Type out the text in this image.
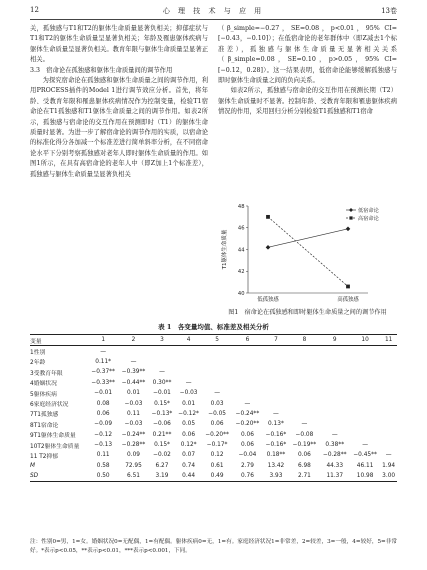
12	心 理 技 术 与 应 用	13卷

关，孤独感与T1和T2的躯体生命质量显著负相关；抑郁症状与T1和T2的躯体生命质量呈显著负相关；年龄及罹患躯体疾病与躯体生命质量呈显著负相关。教育年限与躯体生命质量呈显著正相关。

3.3　宿命论在孤独感和躯体生命质量间的调节作用

为探究宿命论在孤独感和躯体生命质量之间的调节作用，利用PROCESS插件的Model 1进行调节效应分析。首先，将年龄、受教育年限和罹患躯体疾病情况作为控制变量，检验T1宿命论在T1孤独感和T1躯体生命质量之间的调节作用。如表2所示，孤独感与宿命论的交互作用在预测即时（T1）的躯体生命质量时显著。为进一步了解宿命论的调节作用的实质，以宿命论的标准化得分各加减一个标准差进行简单斜率分析，在不同宿命论水平下分别考察孤独感对老年人即时躯体生命质量的作用。如图1所示，在具有高宿命论的老年人中（即Z加上1个标准差），孤独感与躯体生命质量呈显著负相关

（β_simple=−0.27，SE=0.08，p<0.01，95% CI=[−0.43，−0.10]）；在低宿命论的老年群体中（即Z减去1个标准差），孤独感与躯体生命质量无显著相关关系（β_simple=0.08，SE=0.10，p>0.05，95% CI=[−0.12，0.28]）。这一结果表明，低宿命论能够缓解孤独感与即时躯体生命质量之间的负向关系。

如表2所示，孤独感与宿命论的交互作用在预测长期（T2）躯体生命质量时不显著。控制年龄、受教育年限和罹患躯体疾病情况的作用，采用回归分析分别检验T1孤独感和T1宿命

T1躯体生命质量
40
42
44
46
48
低孤独感	高孤独感
低宿命论
高宿命论
图1　宿命论在孤独感和即时躯体生命质量之间的调节作用
表 1　各变量均值、标准差及相关分析
变量	1	2	3	4	5	6	7	8	9	10	11
1性别	—										
2年龄	0.11*	—									
3受教育年限	−0.37**	−0.39**	—								
4婚姻状况	−0.33**	−0.44**	0.30**	—							
5躯体疾病	−0.01	0.01	−0.01	−0.03	—						
6家庭经济状况	0.08	−0.03	0.15*	0.01	0.03	—					
7T1孤独感	0.06	0.11	−0.13*	−0.12*	−0.05	−0.24**	—				
8T1宿命论	−0.09	−0.03	−0.06	0.05	0.06	−0.20**	0.13*	—			
9T1躯体生命质量	−0.12	−0.24**	0.21**	0.06	−0.20**	0.06	−0.16*	−0.08	—		
10T2躯体生命质量	−0.13	−0.28**	0.15*	0.12*	−0.17*	0.06	−0.16*	−0.19**	0.38**	—	
11 T2抑郁	0.11	0.09	−0.02	0.07	0.12	−0.04	0.18**	0.06	−0.28**	−0.45**	—
M	0.58	72.95	6.27	0.74	0.61	2.79	13.42	6.98	44.33	46.11	1.94
SD	0.50	6.51	3.19	0.44	0.49	0.76	3.93	2.71	11.37	10.98	3.00
注：性别0=男，1=女。婚姻状况0=无配偶，1=有配偶。躯体疾病0=无，1=有。家庭经济状况1=非常差，2=较差，3=一般，4=较好，5=非常好。*表示p<0.05，**表示p<0.01，***表示p<0.001，下同。
